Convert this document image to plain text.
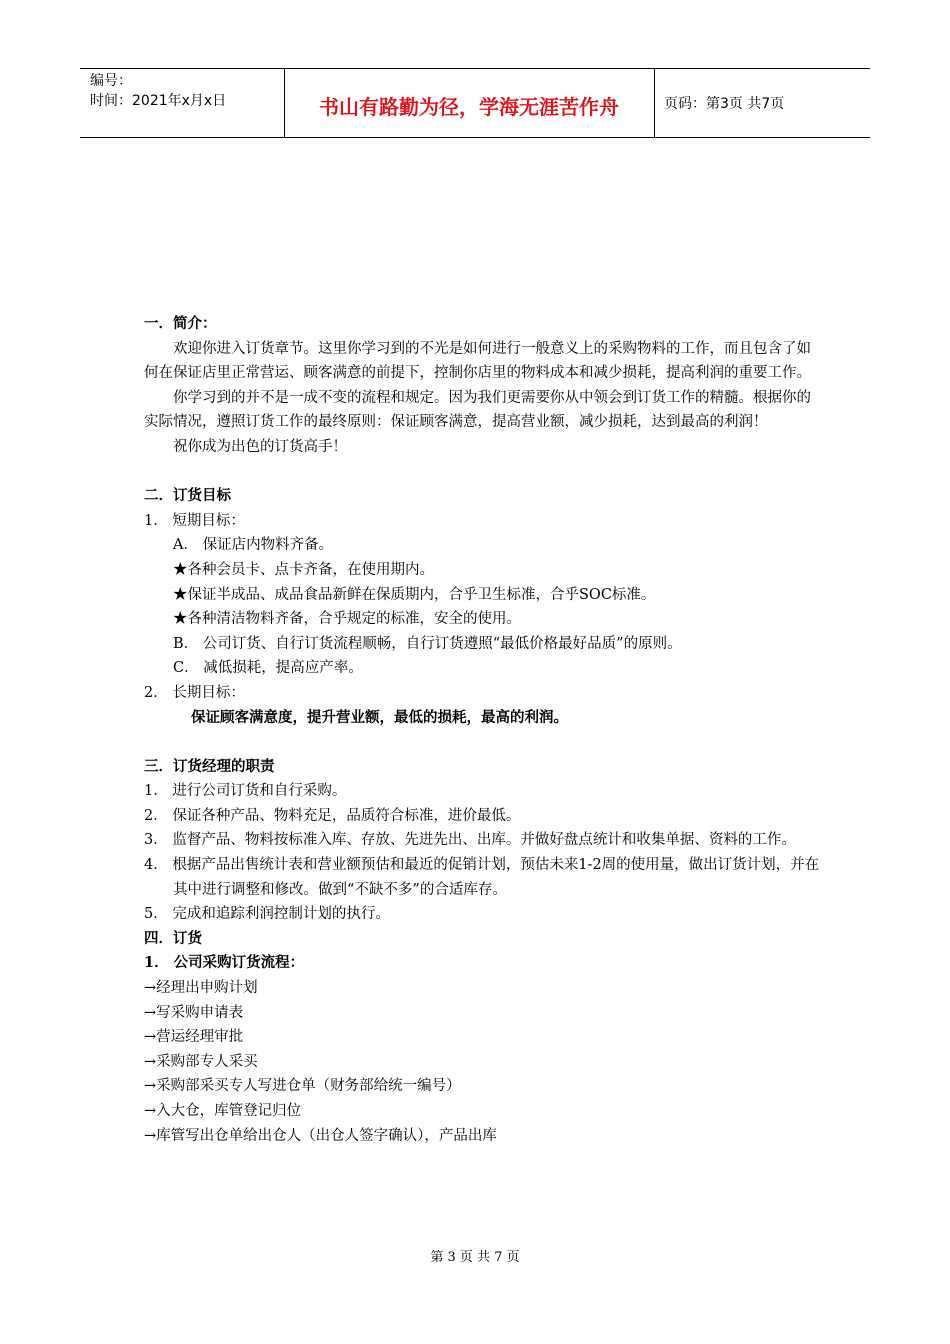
编号：
时间：2021年x月x日	书山有路勤为径，学海无涯苦作舟	页码：第3页 共7页

一．简介：

欢迎你进入订货章节。这里你学习到的不光是如何进行一般意义上的采购物料的工作，而且包含了如何在保证店里正常营运、顾客满意的前提下，控制你店里的物料成本和减少损耗，提高利润的重要工作。

你学习到的并不是一成不变的流程和规定。因为我们更需要你从中领会到订货工作的精髓。根据你的实际情况，遵照订货工作的最终原则：保证顾客满意，提高营业额，减少损耗，达到最高的利润！

祝你成为出色的订货高手！

二．订货目标

1． 短期目标：

A． 保证店内物料齐备。

★各种会员卡、点卡齐备，在使用期内。

★保证半成品、成品食品新鲜在保质期内，合乎卫生标准，合乎SOC标准。

★各种清洁物料齐备，合乎规定的标准，安全的使用。

B． 公司订货、自行订货流程顺畅，自行订货遵照“最低价格最好品质”的原则。

C． 减低损耗，提高应产率。

2． 长期目标：

保证顾客满意度，提升营业额，最低的损耗，最高的利润。

三．订货经理的职责

1． 进行公司订货和自行采购。

2． 保证各种产品、物料充足，品质符合标准，进价最低。

3． 监督产品、物料按标准入库、存放、先进先出、出库。并做好盘点统计和收集单据、资料的工作。

4． 根据产品出售统计表和营业额预估和最近的促销计划，预估未来1-2周的使用量，做出订货计划，并在其中进行调整和修改。做到“不缺不多”的合适库存。

5． 完成和追踪利润控制计划的执行。

四．订货

1． 公司采购订货流程：

→经理出申购计划

→写采购申请表

→营运经理审批

→采购部专人采买

→采购部采买专人写进仓单（财务部给统一编号）

→入大仓，库管登记归位

→库管写出仓单给出仓人（出仓人签字确认），产品出库

第 3 页 共 7 页
